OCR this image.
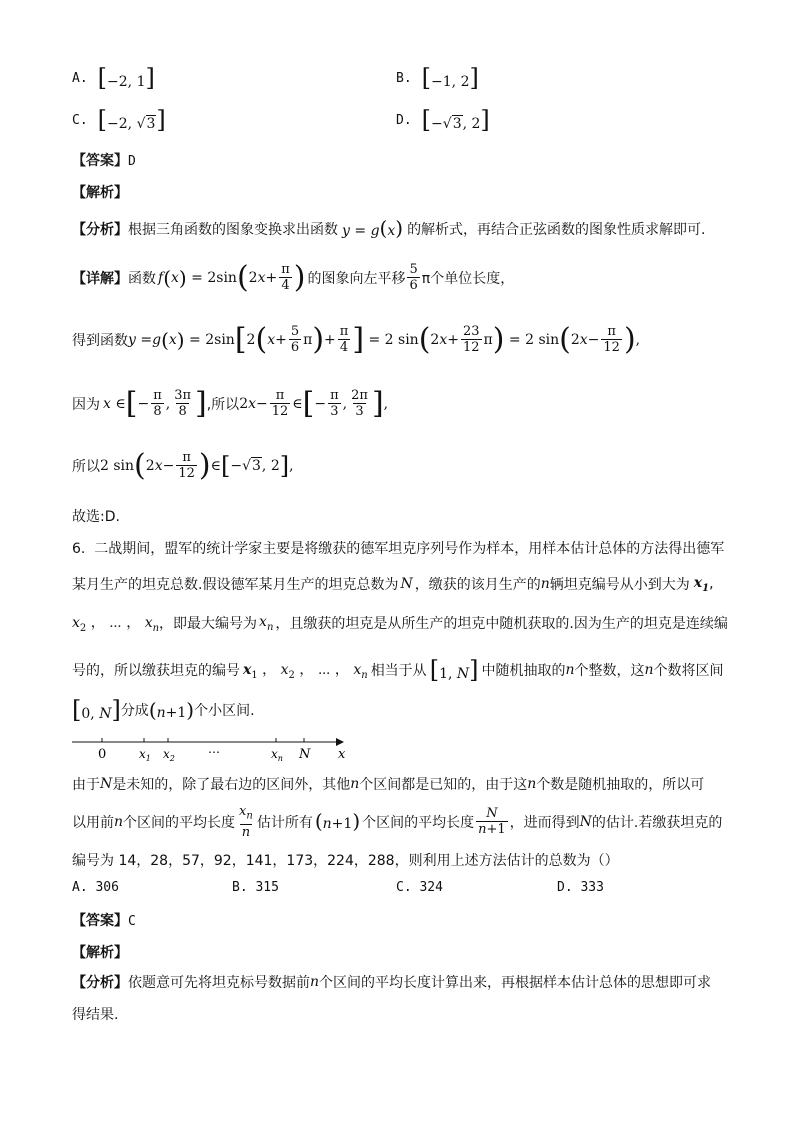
A. [−2, 1]	B. [−1, 2]
C. [−2, √3]	D. [−√3, 2]
【答案】D
【解析】
【分析】 根据三角函数的图象变换求出函数 y = g(x) 的解析式，再结合正弦函数的图象性质求解即可.
【详解】 函数 f ( x ) = 2sin ( 2 $x + \frac{\pi}{4}$ ) 的图象向左平移 $\frac{5}{6}$ π个单位长度，
得到函数 y = g ( x ) = 2sin [ 2 ( $x + \frac{5}{6}$ π ) + $\frac{\pi}{4}$ ] = 2 sin ( 2 $x + \frac{23}{12}$ π ) = 2 sin ( 2 $x - \frac{\pi}{12}$ ) ,
因为 x ∈ [ − $\frac{\pi}{8}$ , $\frac{3\pi}{8}$ ] ,所以 2 $x - \frac{\pi}{12}$ ∈ [ − $\frac{\pi}{3}$ , $\frac{2\pi}{3}$ ] ,
所以 2 sin ( 2 $x - \frac{\pi}{12}$ ) ∈ [ −√ 3 , 2 ] ,
故选:D.
6. 二战期间，盟军的统计学家主要是将缴获的德军坦克序列号作为样本，用样本估计总体的方法得出德军
某月生产的坦克总数.假设德军某月生产的坦克总数为 N ，缴获的该月生产的 n 辆坦克编号从小到大为 $x_1$ ,
$x_2$ ， ⋯ ， $x_n$ ，即最大编号为 $x_n$ ，且缴获的坦克是从所生产的坦克中随机获取的.因为生产的坦克是连续编
号的，所以缴获坦克的编号 $x_1$ ， $x_2$ ， ⋯ ， $x_n$ 相当于从 [1, N] 中随机抽取的 n 个整数，这 n 个数将区间
[0, N] 分成 (n+1) 个小区间.
0	$x_1$ $x_2$	⋯	$x_n$ N x
由于 N 是未知的，除了最右边的区间外，其他 n 个区间都是已知的，由于这 n 个数是随机抽取的，所以可
以用前 n 个区间的平均长度 $\frac{x_n}{n}$ 估计所有 (n+1) 个区间的平均长度 $\frac{N}{n+1}$ ，进而得到 N 的估计.若缴获坦克的
编号为 14，28，57，92，141，173，224，288，则利用上述方法估计的总数为（）
A. 306	B. 315	C. 324	D. 333
【答案】C
【解析】
【分析】 依题意可先将坦克标号数据前 n 个区间的平均长度计算出来，再根据样本估计总体的思想即可求
得结果.
